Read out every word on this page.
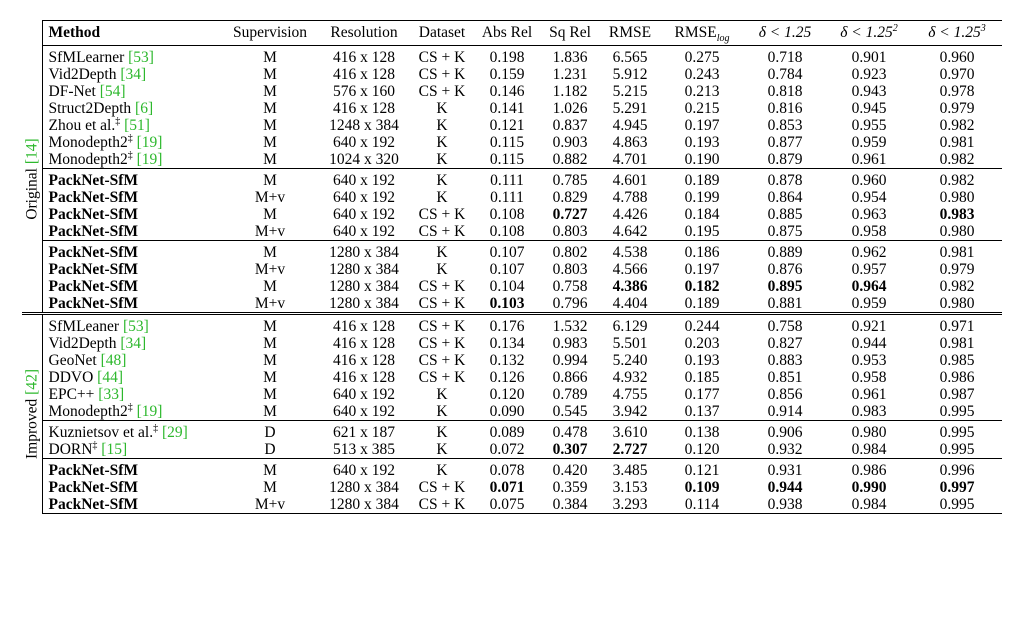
	Method	Supervision	Resolution	Dataset	Abs Rel	Sq Rel	RMSE	$RMSE_{log}$	δ < 1.25	$\delta < 1.25^2$	$\delta < 1.25^3$

Original [14]	SfMLearner [53]	M	416 x 128	CS + K	0.198	1.836	6.565	0.275	0.718	0.901	0.960
	Vid2Depth [34]	M	416 x 128	CS + K	0.159	1.231	5.912	0.243	0.784	0.923	0.970
	DF-Net [54]	M	576 x 160	CS + K	0.146	1.182	5.215	0.213	0.818	0.943	0.978
	Struct2Depth [6]	M	416 x 128	K	0.141	1.026	5.291	0.215	0.816	0.945	0.979
	Zhou et al.‡ [51]	M	1248 x 384	K	0.121	0.837	4.945	0.197	0.853	0.955	0.982
	Monodepth2‡ [19]	M	640 x 192	K	0.115	0.903	4.863	0.193	0.877	0.959	0.981
	Monodepth2‡ [19]	M	1024 x 320	K	0.115	0.882	4.701	0.190	0.879	0.961	0.982
	PackNet-SfM	M	640 x 192	K	0.111	0.785	4.601	0.189	0.878	0.960	0.982
	PackNet-SfM	M+v	640 x 192	K	0.111	0.829	4.788	0.199	0.864	0.954	0.980
	PackNet-SfM	M	640 x 192	CS + K	0.108	0.727	4.426	0.184	0.885	0.963	0.983
	PackNet-SfM	M+v	640 x 192	CS + K	0.108	0.803	4.642	0.195	0.875	0.958	0.980
	PackNet-SfM	M	1280 x 384	K	0.107	0.802	4.538	0.186	0.889	0.962	0.981
	PackNet-SfM	M+v	1280 x 384	K	0.107	0.803	4.566	0.197	0.876	0.957	0.979
	PackNet-SfM	M	1280 x 384	CS + K	0.104	0.758	4.386	0.182	0.895	0.964	0.982
	PackNet-SfM	M+v	1280 x 384	CS + K	0.103	0.796	4.404	0.189	0.881	0.959	0.980

Improved [42]	SfMLeaner [53]	M	416 x 128	CS + K	0.176	1.532	6.129	0.244	0.758	0.921	0.971
	Vid2Depth [34]	M	416 x 128	CS + K	0.134	0.983	5.501	0.203	0.827	0.944	0.981
	GeoNet [48]	M	416 x 128	CS + K	0.132	0.994	5.240	0.193	0.883	0.953	0.985
	DDVO [44]	M	416 x 128	CS + K	0.126	0.866	4.932	0.185	0.851	0.958	0.986
	EPC++ [33]	M	640 x 192	K	0.120	0.789	4.755	0.177	0.856	0.961	0.987
	Monodepth2‡ [19]	M	640 x 192	K	0.090	0.545	3.942	0.137	0.914	0.983	0.995
	Kuznietsov et al.‡ [29]	D	621 x 187	K	0.089	0.478	3.610	0.138	0.906	0.980	0.995
	DORN‡ [15]	D	513 x 385	K	0.072	0.307	2.727	0.120	0.932	0.984	0.995
	PackNet-SfM	M	640 x 192	K	0.078	0.420	3.485	0.121	0.931	0.986	0.996
	PackNet-SfM	M	1280 x 384	CS + K	0.071	0.359	3.153	0.109	0.944	0.990	0.997
	PackNet-SfM	M+v	1280 x 384	CS + K	0.075	0.384	3.293	0.114	0.938	0.984	0.995
